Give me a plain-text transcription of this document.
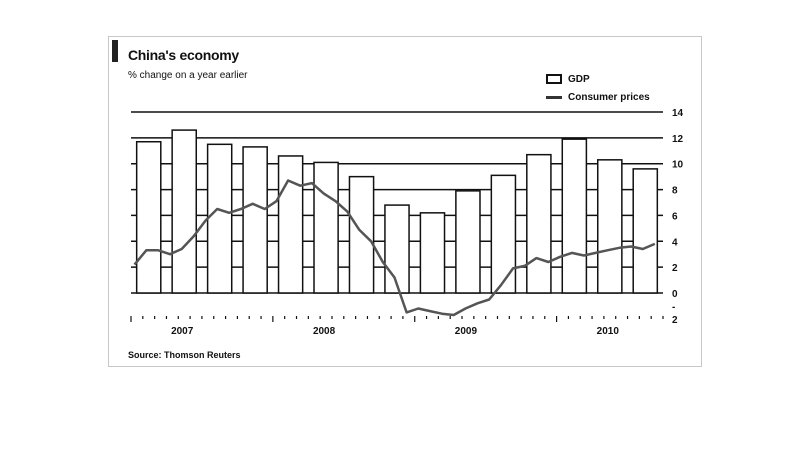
China's economy
% change on a year earlier	GDP
Consumer prices
14
12
10
8
6
4
2
0
-
2
2007	2008	2009	2010
Source: Thomson Reuters
